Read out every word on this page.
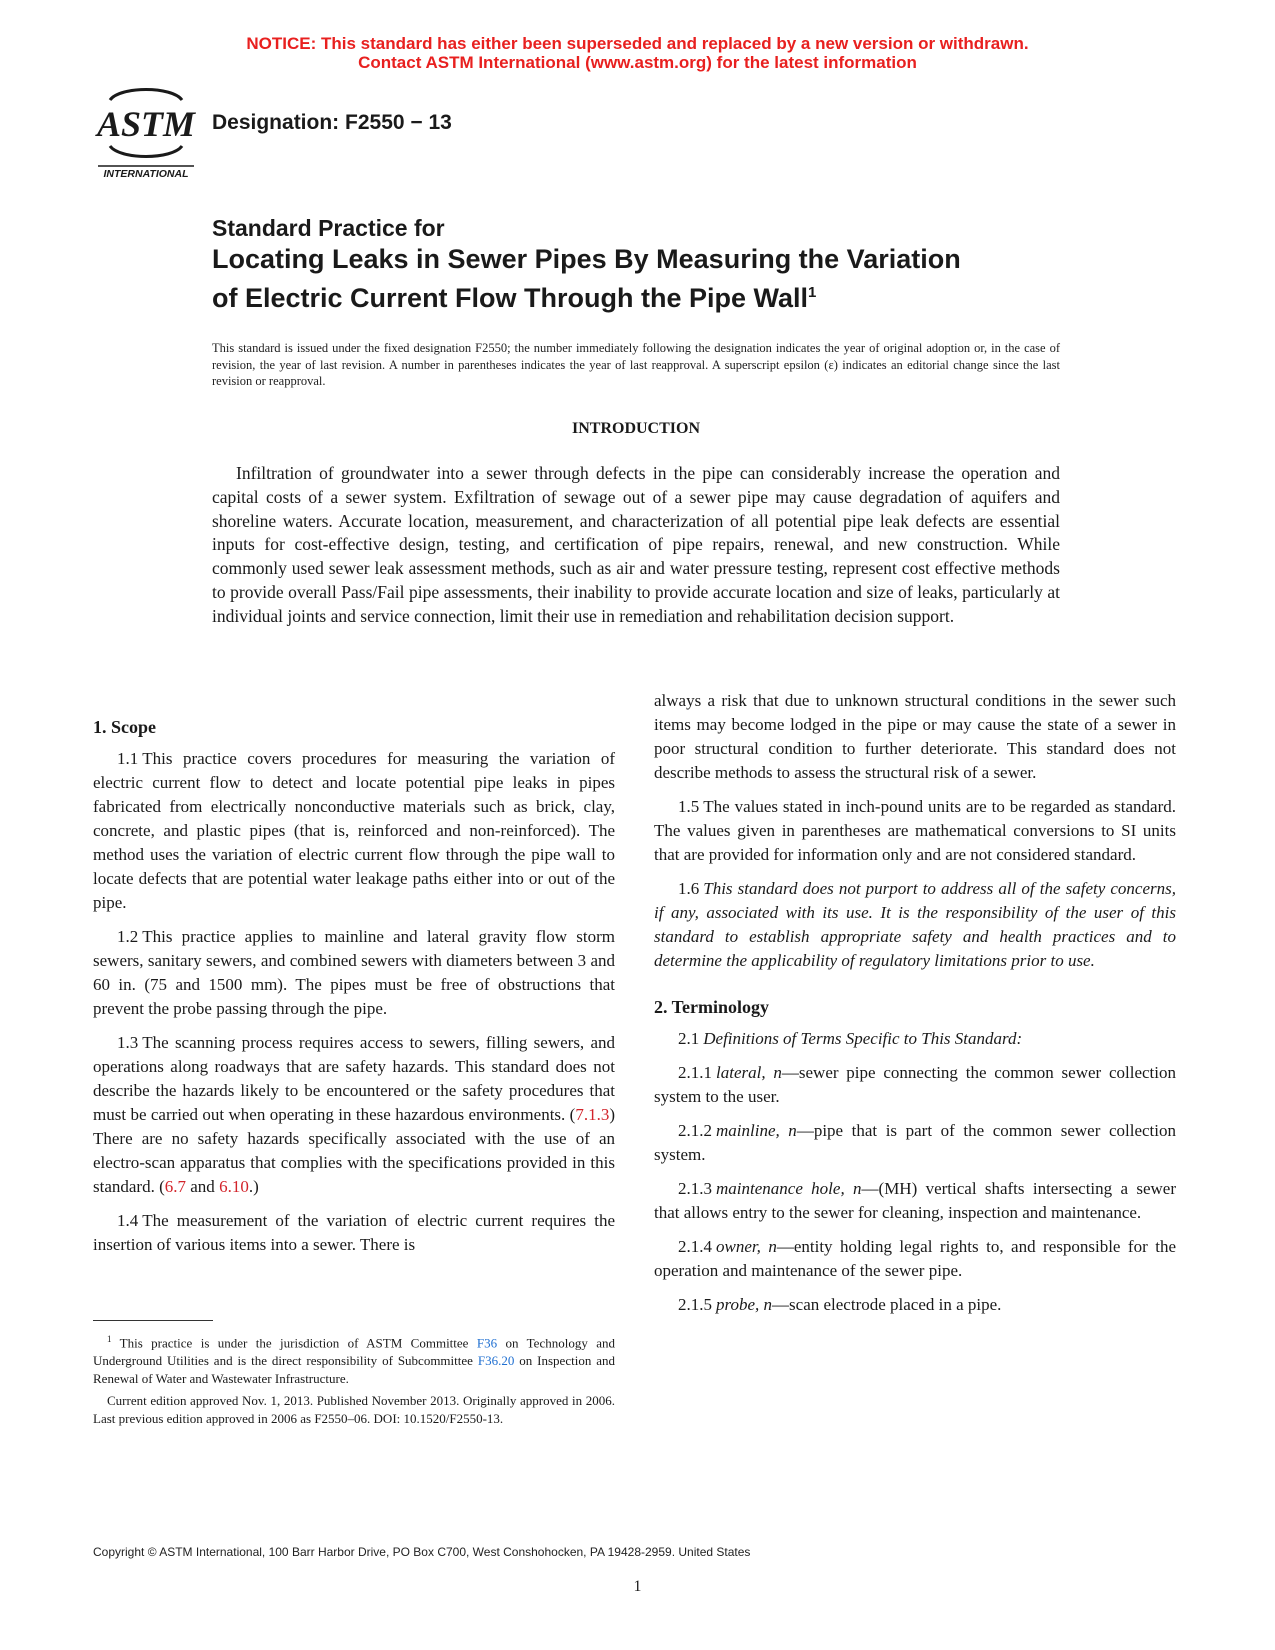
NOTICE: This standard has either been superseded and replaced by a new version or withdrawn.
Contact ASTM International (www.astm.org) for the latest information
ASTM
INTERNATIONAL
Designation: F2550 − 13
Standard Practice for
Locating Leaks in Sewer Pipes By Measuring the Variation
of Electric Current Flow Through the Pipe Wall$^1$
This standard is issued under the fixed designation F2550; the number immediately following the designation indicates the year of original adoption or, in the case of revision, the year of last revision. A number in parentheses indicates the year of last reapproval. A superscript epsilon (ε) indicates an editorial change since the last revision or reapproval.
INTRODUCTION

Infiltration of groundwater into a sewer through defects in the pipe can considerably increase the operation and capital costs of a sewer system. Exfiltration of sewage out of a sewer pipe may cause degradation of aquifers and shoreline waters. Accurate location, measurement, and characterization of all potential pipe leak defects are essential inputs for cost-effective design, testing, and certification of pipe repairs, renewal, and new construction. While commonly used sewer leak assessment methods, such as air and water pressure testing, represent cost effective methods to provide overall Pass/Fail pipe assessments, their inability to provide accurate location and size of leaks, particularly at individual joints and service connection, limit their use in remediation and rehabilitation decision support.

1. Scope

1.1 This practice covers procedures for measuring the variation of electric current flow to detect and locate potential pipe leaks in pipes fabricated from electrically nonconductive materials such as brick, clay, concrete, and plastic pipes (that is, reinforced and non-reinforced). The method uses the variation of electric current flow through the pipe wall to locate defects that are potential water leakage paths either into or out of the pipe.

1.2 This practice applies to mainline and lateral gravity flow storm sewers, sanitary sewers, and combined sewers with diameters between 3 and 60 in. (75 and 1500 mm). The pipes must be free of obstructions that prevent the probe passing through the pipe.

1.3 The scanning process requires access to sewers, filling sewers, and operations along roadways that are safety hazards. This standard does not describe the hazards likely to be encountered or the safety procedures that must be carried out when operating in these hazardous environments. (7.1.3) There are no safety hazards specifically associated with the use of an electro-scan apparatus that complies with the specifications provided in this standard. (6.7 and 6.10.)

1.4 The measurement of the variation of electric current requires the insertion of various items into a sewer. There is

$^1$ This practice is under the jurisdiction of ASTM Committee F36 on Technology and Underground Utilities and is the direct responsibility of Subcommittee F36.20 on Inspection and Renewal of Water and Wastewater Infrastructure.

Current edition approved Nov. 1, 2013. Published November 2013. Originally approved in 2006. Last previous edition approved in 2006 as F2550–06. DOI: 10.1520/F2550-13.

always a risk that due to unknown structural conditions in the sewer such items may become lodged in the pipe or may cause the state of a sewer in poor structural condition to further deteriorate. This standard does not describe methods to assess the structural risk of a sewer.

1.5 The values stated in inch-pound units are to be regarded as standard. The values given in parentheses are mathematical conversions to SI units that are provided for information only and are not considered standard.

1.6 This standard does not purport to address all of the safety concerns, if any, associated with its use. It is the responsibility of the user of this standard to establish appropriate safety and health practices and to determine the applicability of regulatory limitations prior to use.

2. Terminology

2.1 Definitions of Terms Specific to This Standard:

2.1.1 lateral, n—sewer pipe connecting the common sewer collection system to the user.

2.1.2 mainline, n—pipe that is part of the common sewer collection system.

2.1.3 maintenance hole, n—(MH) vertical shafts intersecting a sewer that allows entry to the sewer for cleaning, inspection and maintenance.

2.1.4 owner, n—entity holding legal rights to, and responsible for the operation and maintenance of the sewer pipe.

2.1.5 probe, n—scan electrode placed in a pipe.

Copyright © ASTM International, 100 Barr Harbor Drive, PO Box C700, West Conshohocken, PA 19428-2959. United States
1
